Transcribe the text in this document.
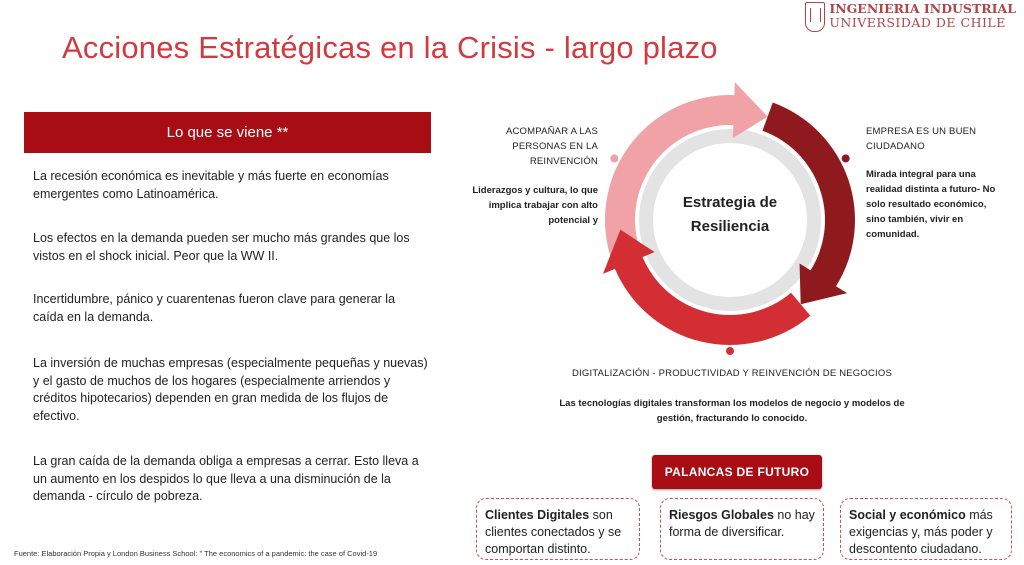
Acciones Estratégicas en la Crisis - largo plazo
INGENIERIA INDUSTRIAL
UNIVERSIDAD DE CHILE
Lo que se viene **
La recesión económica es inevitable y más fuerte en economías emergentes como Latinoamérica.
Los efectos en la demanda pueden ser mucho más grandes que los vistos en el shock inicial. Peor que la WW II.
Incertidumbre, pánico y cuarentenas fueron clave para generar la caída en la demanda.
La inversión de muchas empresas (especialmente pequeñas y nuevas) y el gasto de muchos de los hogares (especialmente arriendos y créditos hipotecarios) dependen en gran medida de los flujos de efectivo.
La gran caída de la demanda obliga a empresas a cerrar. Esto lleva a un aumento en los despidos lo que lleva a una disminución de la demanda - círculo de pobreza.
Fuente: Elaboración Propia y London Business School: " The economics of a pandemic: the case of Covid-19
Estrategia de
Resiliencia
ACOMPAÑAR A LAS PERSONAS EN LA REINVENCIÓN
Liderazgos y cultura, lo que implica trabajar con alto potencial y
EMPRESA ES UN BUEN CIUDADANO
Mirada integral para una realidad distinta a futuro- No solo resultado económico, sino también, vivir en comunidad.
DIGITALIZACIÓN - PRODUCTIVIDAD Y REINVENCIÓN DE NEGOCIOS
Las tecnologías digitales transforman los modelos de negocio y modelos de gestión, fracturando lo conocido.
PALANCAS DE FUTURO
Clientes Digitales son clientes conectados y se comportan distinto.
Riesgos Globales no hay forma de diversificar.
Social y económico más exigencias y, más poder y descontento ciudadano.
